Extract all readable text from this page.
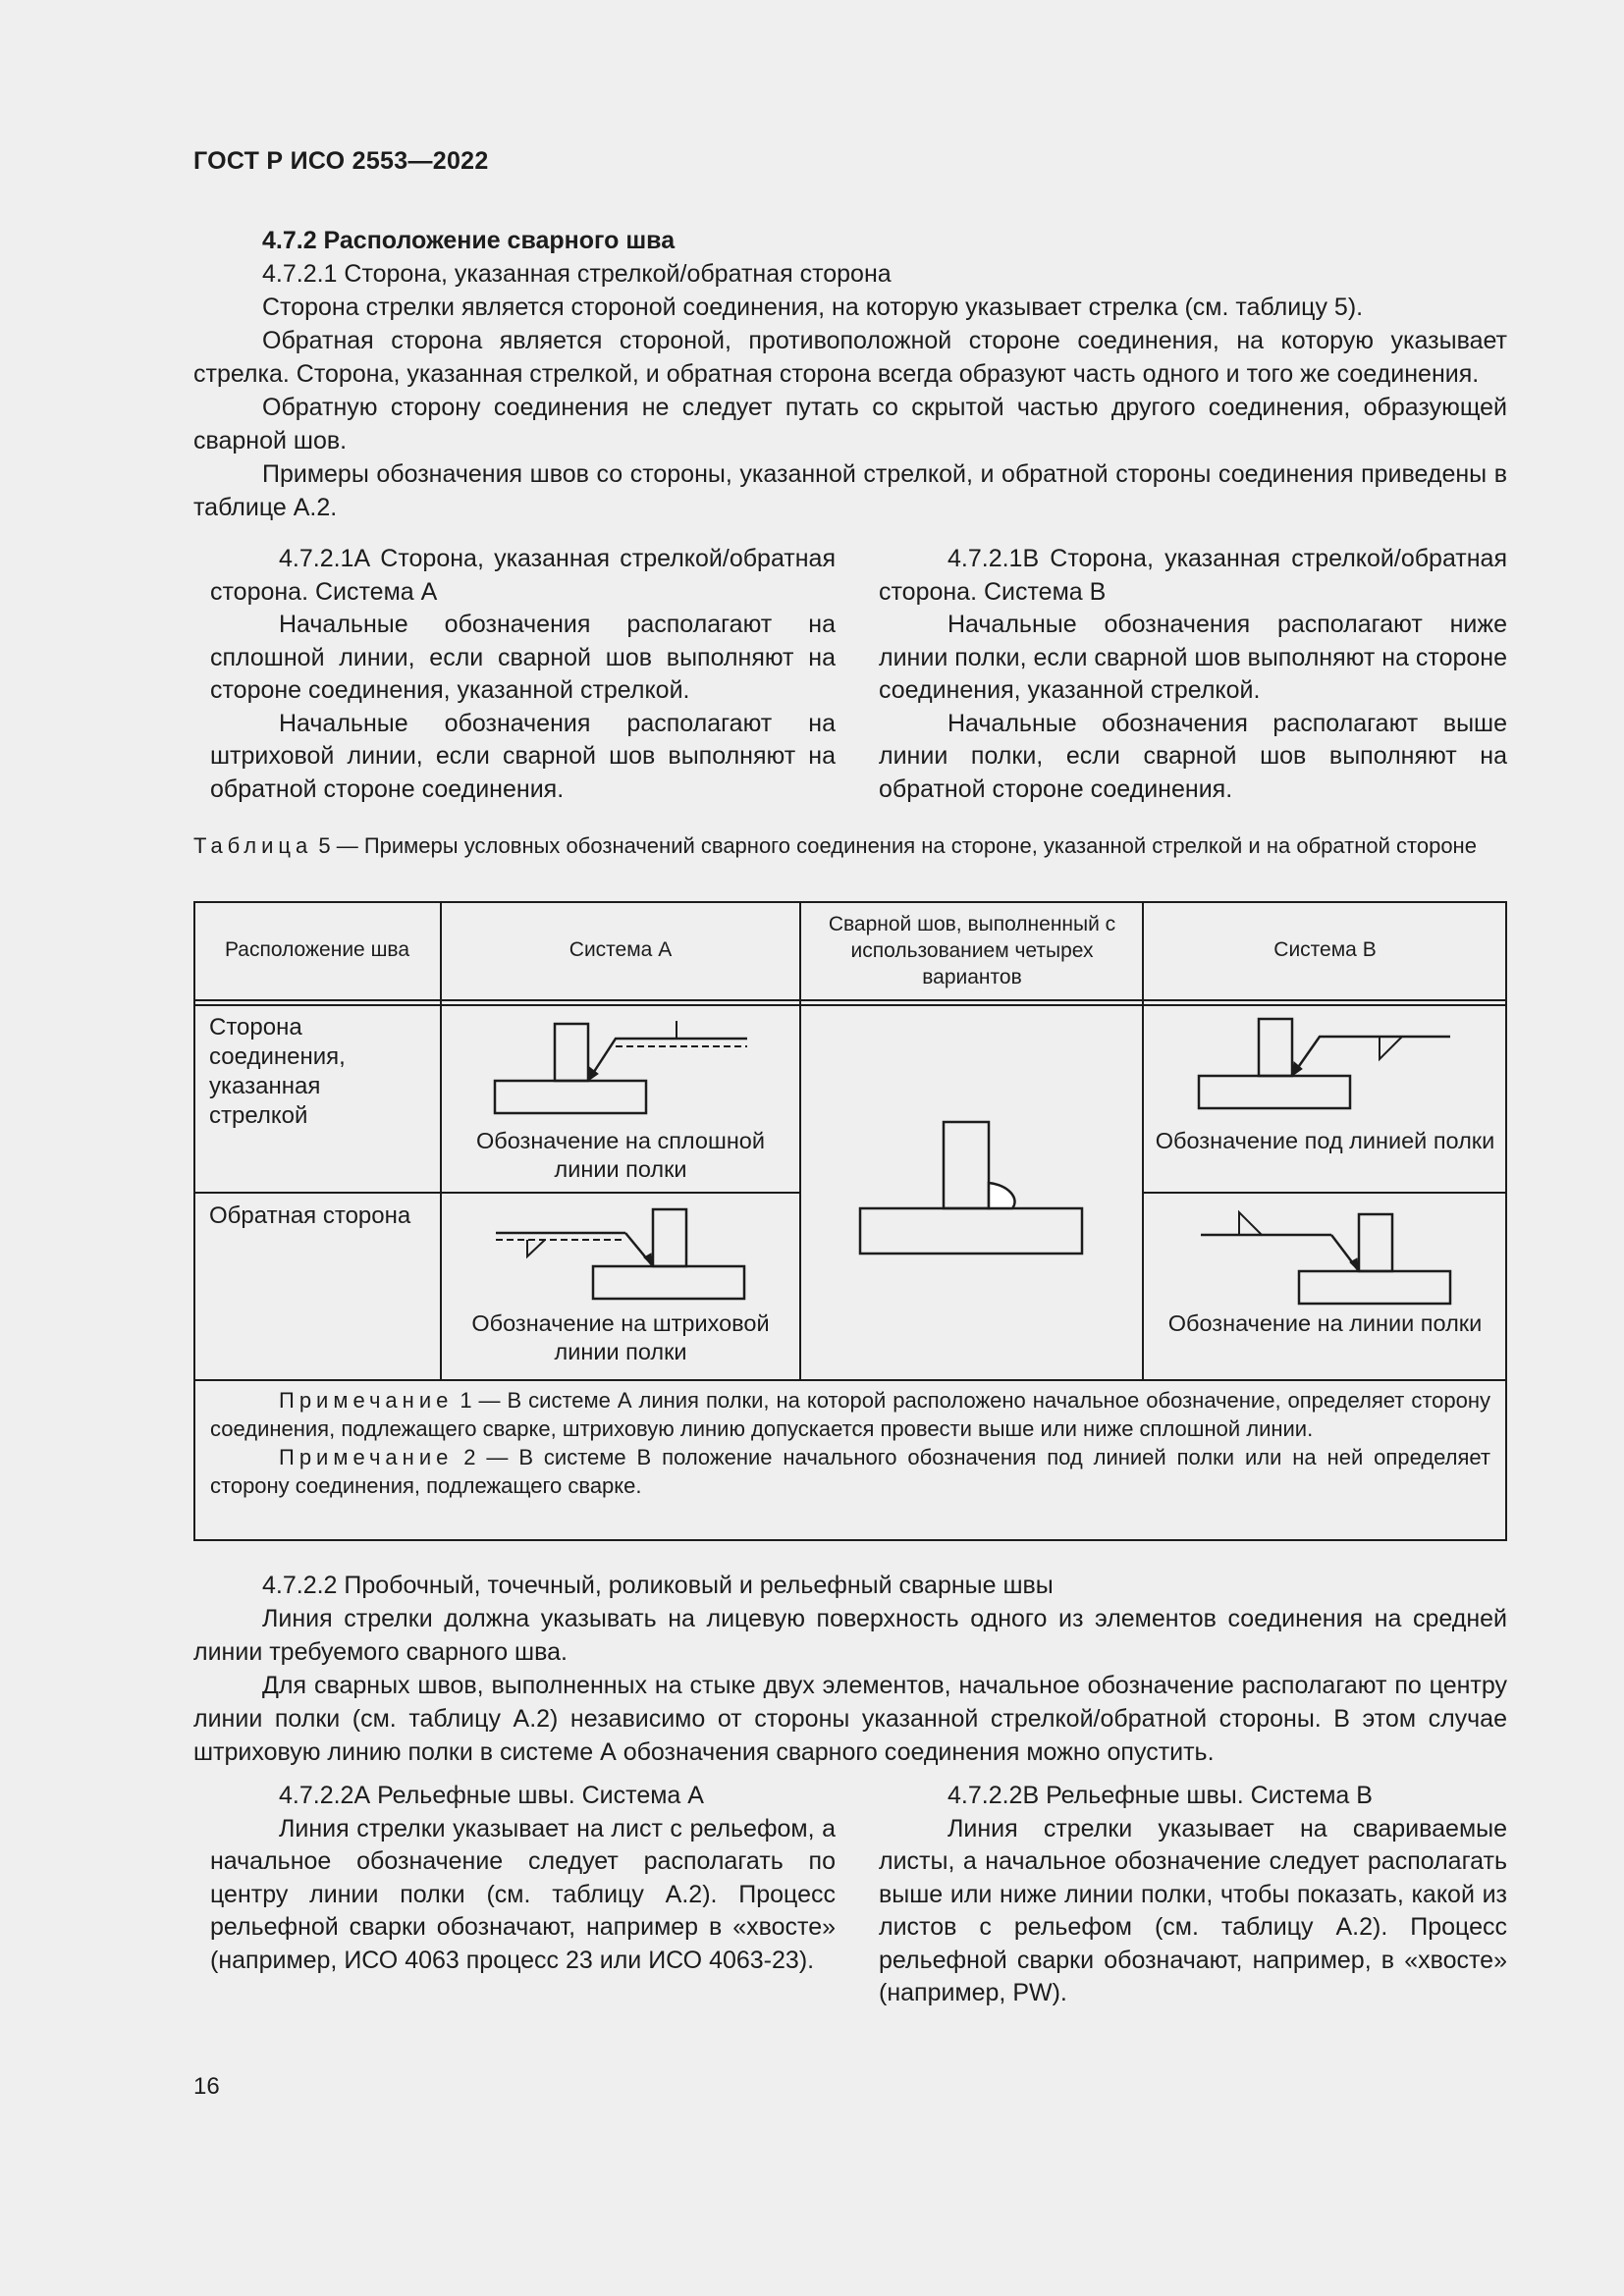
ГОСТ Р ИСО 2553—2022

4.7.2 Расположение сварного шва

4.7.2.1 Сторона, указанная стрелкой/обратная сторона

Сторона стрелки является стороной соединения, на которую указывает стрелка (см. таблицу 5).

Обратная сторона является стороной, противоположной стороне соединения, на которую указывает стрелка. Сторона, указанная стрелкой, и обратная сторона всегда образуют часть одного и того же соединения.

Обратную сторону соединения не следует путать со скрытой частью другого соединения, образующей сварной шов.

Примеры обозначения швов со стороны, указанной стрелкой, и обратной стороны соединения приведены в таблице А.2.

4.7.2.1А Сторона, указанная стрелкой/обратная сторона. Система А

Начальные обозначения располагают на сплошной линии, если сварной шов выполняют на стороне соединения, указанной стрелкой.

Начальные обозначения располагают на штриховой линии, если сварной шов выполняют на обратной стороне соединения.

4.7.2.1В Сторона, указанная стрелкой/обратная сторона. Система В

Начальные обозначения располагают ниже линии полки, если сварной шов выполняют на стороне соединения, указанной стрелкой.

Начальные обозначения располагают выше линии полки, если сварной шов выполняют на обратной стороне соединения.

Таблица 5 — Примеры условных обозначений сварного соединения на стороне, указанной стрелкой и на обратной стороне
Расположение шва	Система А
Сварной шов, выполненный с использованием четырех вариантов
Система В
Сторона соединения, указанная стрелкой
Обратная сторона
Обозначение на сплошной линии полки
Обозначение на штриховой линии полки
Обозначение под линией полки
Обозначение на линии полки

Примечание 1 — В системе А линия полки, на которой расположено начальное обозначение, определяет сторону соединения, подлежащего сварке, штриховую линию допускается провести выше или ниже сплошной линии.

Примечание 2 — В системе В положение начального обозначения под линией полки или на ней определяет сторону соединения, подлежащего сварке.

4.7.2.2 Пробочный, точечный, роликовый и рельефный сварные швы

Линия стрелки должна указывать на лицевую поверхность одного из элементов соединения на средней линии требуемого сварного шва.

Для сварных швов, выполненных на стыке двух элементов, начальное обозначение располагают по центру линии полки (см. таблицу А.2) независимо от стороны указанной стрелкой/обратной стороны. В этом случае штриховую линию полки в системе А обозначения сварного соединения можно опустить.

4.7.2.2А Рельефные швы. Система А

Линия стрелки указывает на лист с рельефом, а начальное обозначение следует располагать по центру линии полки (см. таблицу А.2). Процесс рельефной сварки обозначают, например в «хвосте» (например, ИСО 4063 процесс 23 или ИСО 4063-23).

4.7.2.2В Рельефные швы. Система В

Линия стрелки указывает на свариваемые листы, а начальное обозначение следует располагать выше или ниже линии полки, чтобы показать, какой из листов с рельефом (см. таблицу А.2). Процесс рельефной сварки обозначают, например, в «хвосте» (например, PW).

16
